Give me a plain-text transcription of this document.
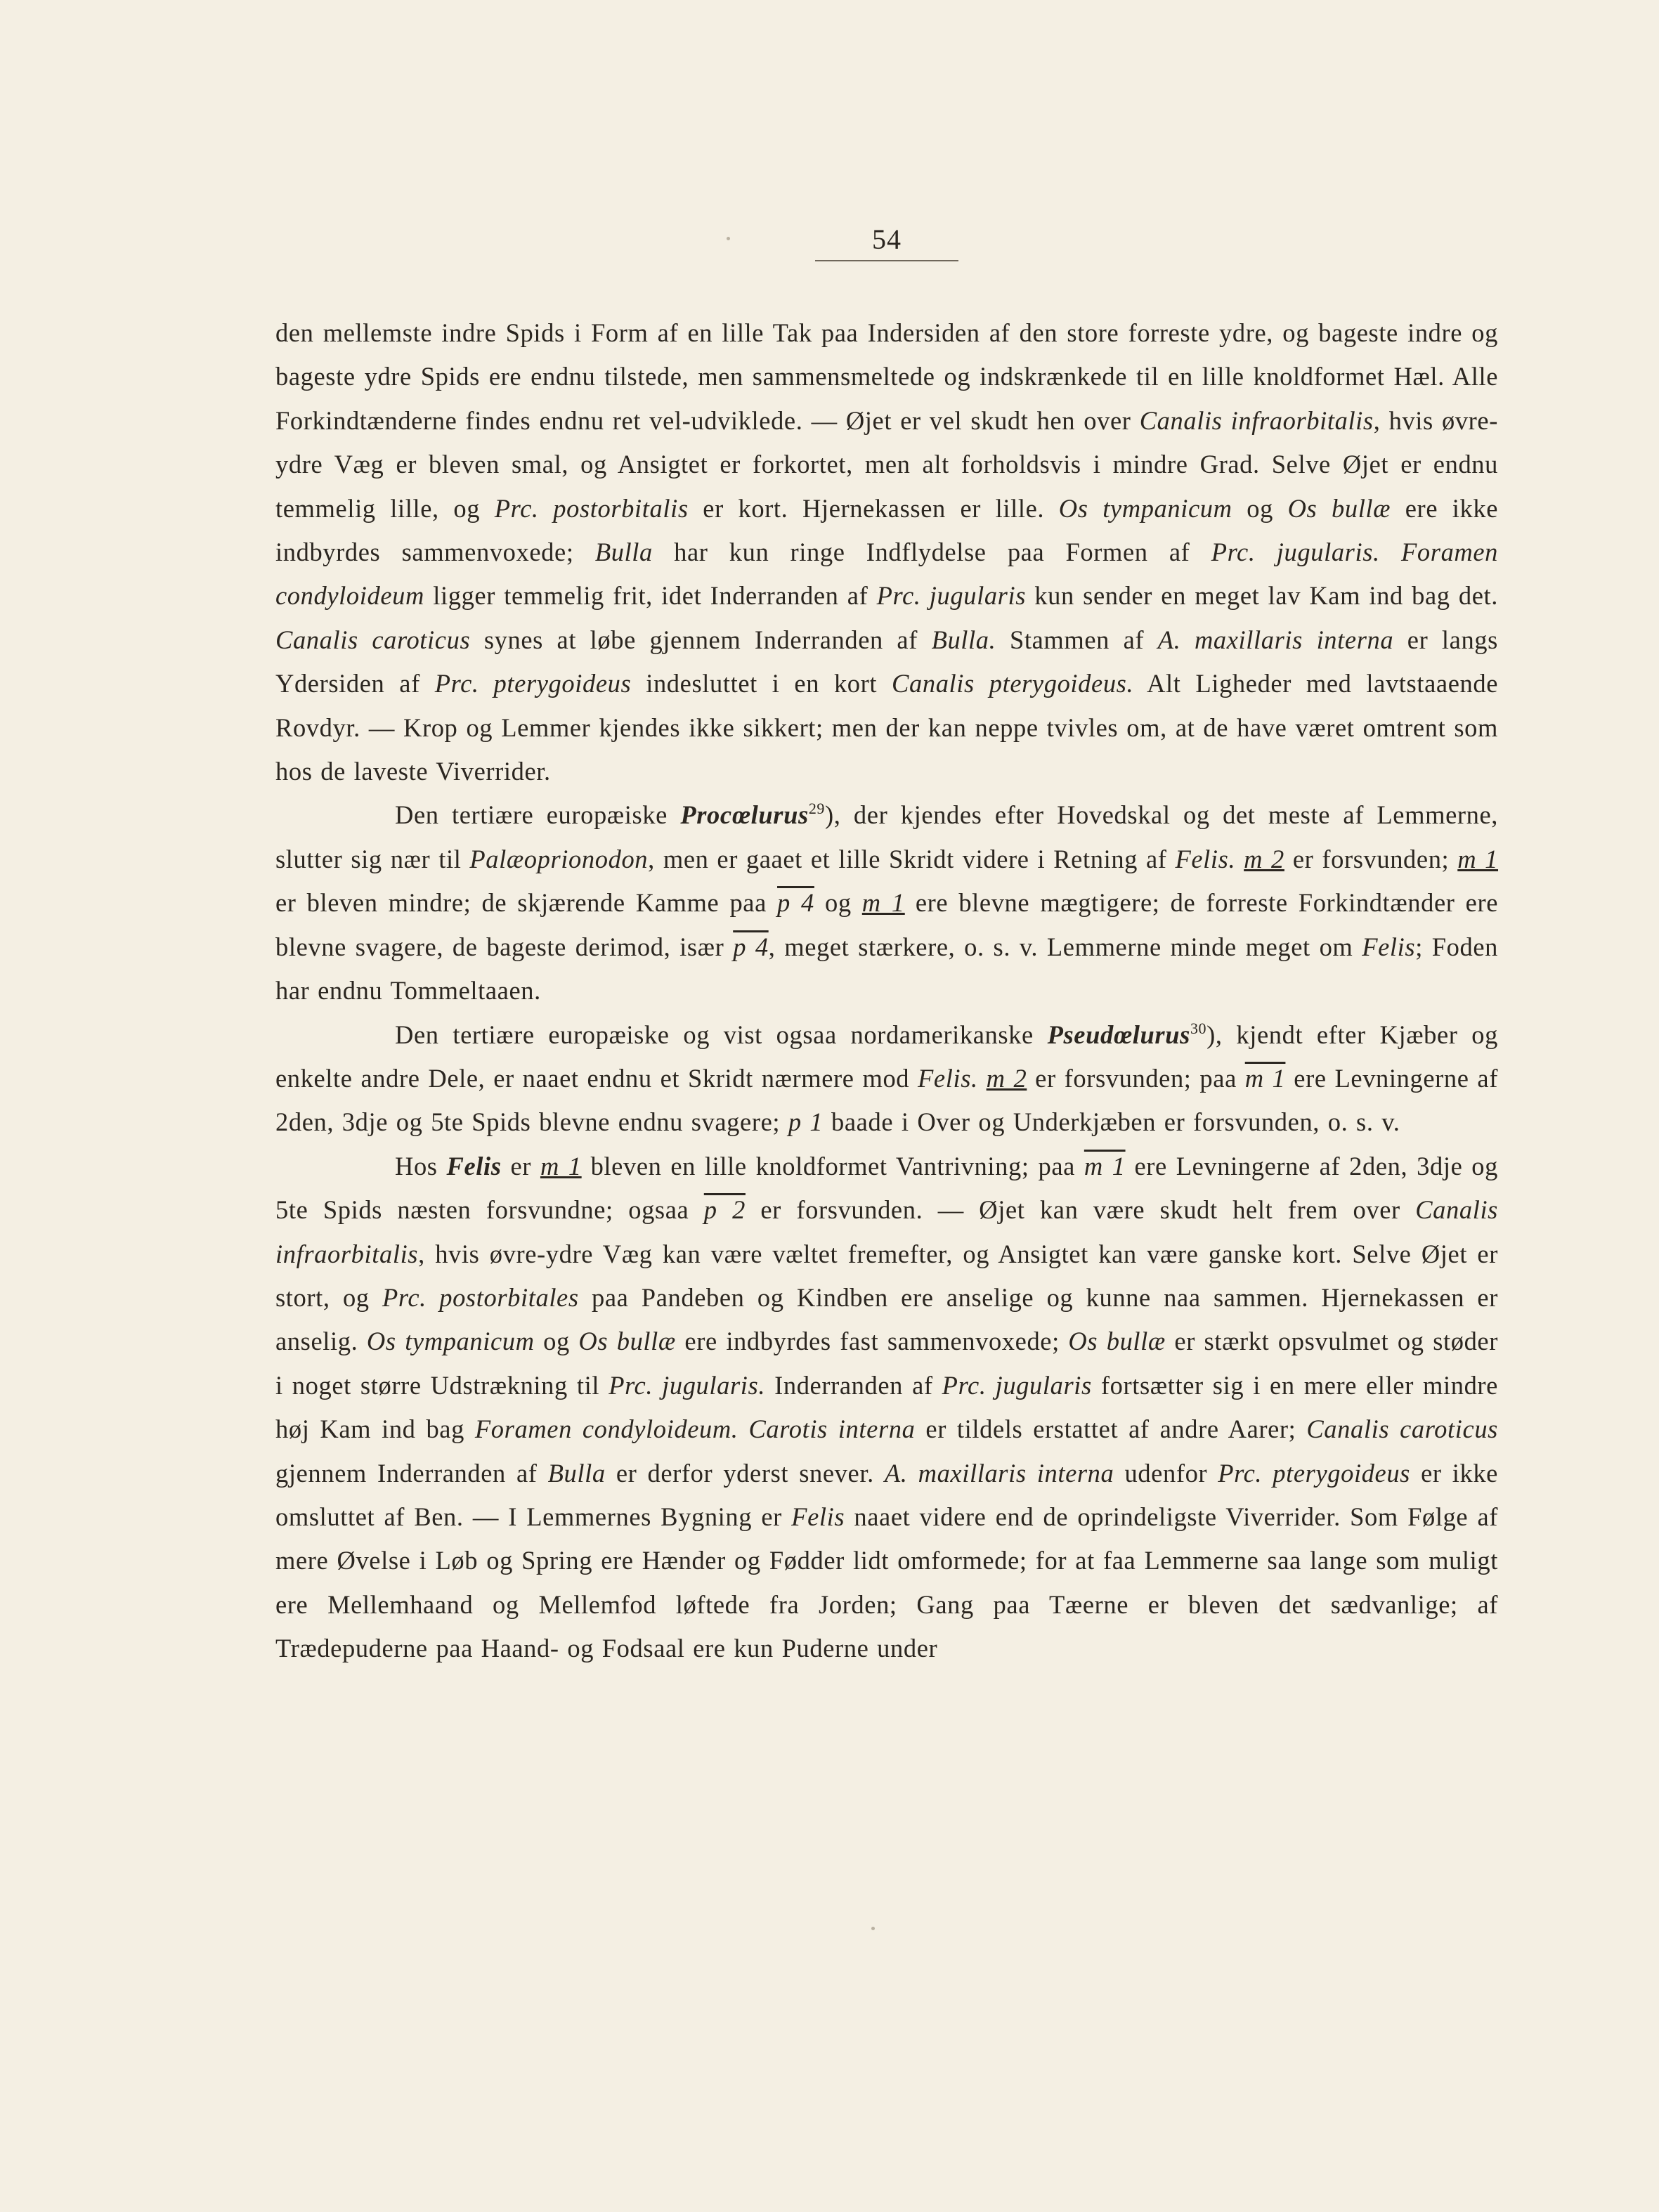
54

den mellemste indre Spids i Form af en lille Tak paa Indersiden af den store forreste ydre, og bageste indre og bageste ydre Spids ere endnu tilstede, men sammensmeltede og indskrænkede til en lille knoldformet Hæl. Alle Forkindtænderne findes endnu ret vel-udviklede. — Øjet er vel skudt hen over Canalis infraorbitalis, hvis øvre-ydre Væg er bleven smal, og Ansigtet er forkortet, men alt forholdsvis i mindre Grad. Selve Øjet er endnu temmelig lille, og Prc. postorbitalis er kort. Hjernekassen er lille. Os tympanicum og Os bullæ ere ikke indbyrdes sammenvoxede; Bulla har kun ringe Indflydelse paa Formen af Prc. jugularis. Foramen condyloideum ligger temmelig frit, idet Inderranden af Prc. jugularis kun sender en meget lav Kam ind bag det. Canalis caroticus synes at løbe gjennem Inderranden af Bulla. Stammen af A. maxillaris interna er langs Ydersiden af Prc. pterygoideus indesluttet i en kort Canalis pterygoideus. Alt Ligheder med lavtstaaende Rovdyr. — Krop og Lemmer kjendes ikke sikkert; men der kan neppe tvivles om, at de have været omtrent som hos de laveste Viverrider.

Den tertiære europæiske Procœlurus$^{29}$), der kjendes efter Hovedskal og det meste af Lemmerne, slutter sig nær til Palæoprionodon, men er gaaet et lille Skridt videre i Retning af Felis. m 2 er forsvunden; m 1 er bleven mindre; de skjærende Kamme paa p 4 og m 1 ere blevne mægtigere; de forreste Forkindtænder ere blevne svagere, de bageste derimod, især p 4, meget stærkere, o. s. v. Lemmerne minde meget om Felis; Foden har endnu Tommeltaaen.

Den tertiære europæiske og vist ogsaa nordamerikanske Pseudœlurus$^{30}$), kjendt efter Kjæber og enkelte andre Dele, er naaet endnu et Skridt nærmere mod Felis. m 2 er forsvunden; paa m 1 ere Levningerne af 2den, 3dje og 5te Spids blevne endnu svagere; p 1 baade i Over og Underkjæben er forsvunden, o. s. v.

Hos Felis er m 1 bleven en lille knoldformet Vantrivning; paa m 1 ere Levningerne af 2den, 3dje og 5te Spids næsten forsvundne; ogsaa p 2 er forsvunden. — Øjet kan være skudt helt frem over Canalis infraorbitalis, hvis øvre-ydre Væg kan være væltet fremefter, og Ansigtet kan være ganske kort. Selve Øjet er stort, og Prc. postorbitales paa Pandeben og Kindben ere anselige og kunne naa sammen. Hjernekassen er anselig. Os tympanicum og Os bullæ ere indbyrdes fast sammenvoxede; Os bullæ er stærkt opsvulmet og støder i noget større Udstrækning til Prc. jugularis. Inderranden af Prc. jugularis fortsætter sig i en mere eller mindre høj Kam ind bag Foramen condyloideum. Carotis interna er tildels erstattet af andre Aarer; Canalis caroticus gjennem Inderranden af Bulla er derfor yderst snever. A. maxillaris interna udenfor Prc. pterygoideus er ikke omsluttet af Ben. — I Lemmernes Bygning er Felis naaet videre end de oprindeligste Viverrider. Som Følge af mere Øvelse i Løb og Spring ere Hænder og Fødder lidt omformede; for at faa Lemmerne saa lange som muligt ere Mellemhaand og Mellemfod løftede fra Jorden; Gang paa Tæerne er bleven det sædvanlige; af Trædepuderne paa Haand- og Fodsaal ere kun Puderne under
